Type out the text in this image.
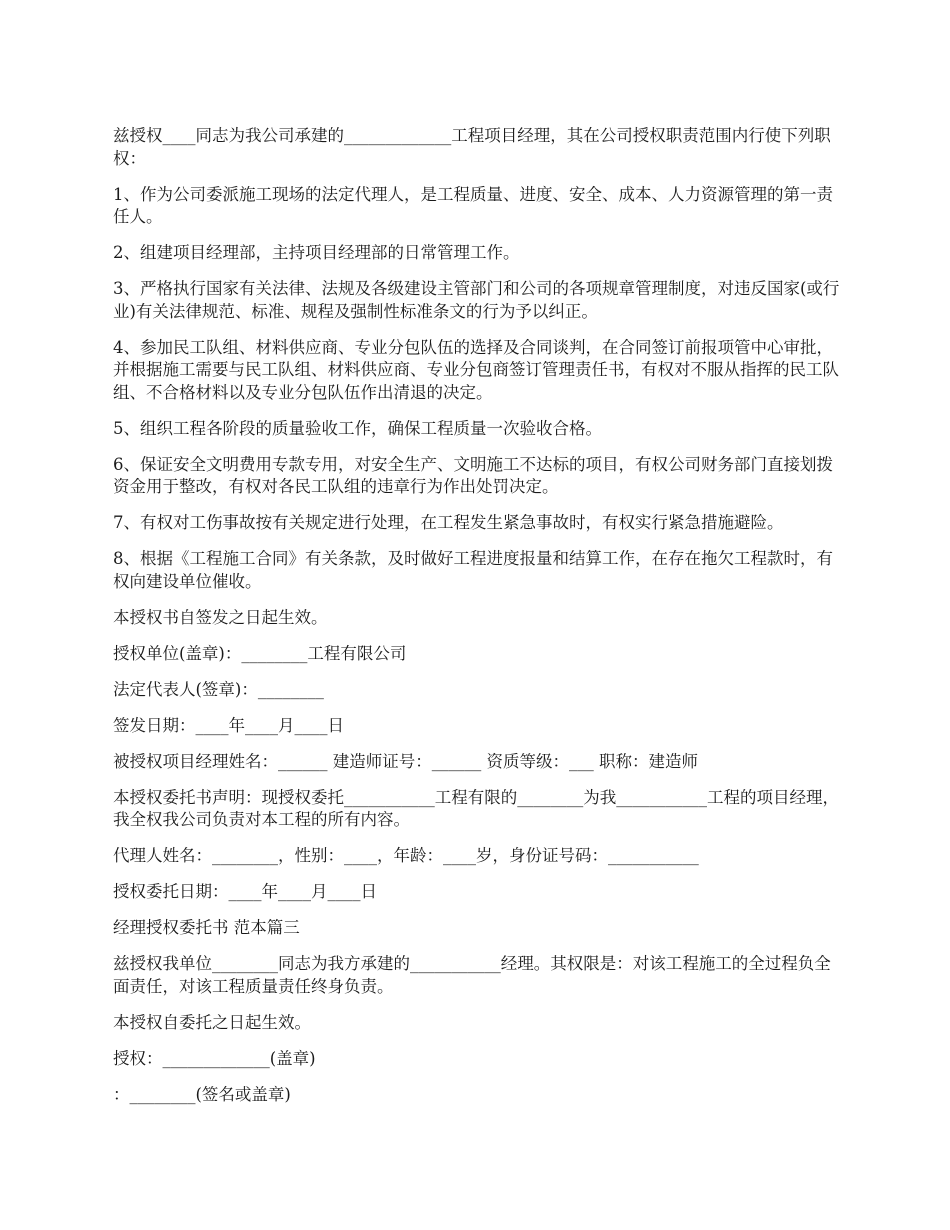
兹授权____同志为我公司承建的_____________工程项目经理，其在公司授权职责范围内行使下列职权：

1、作为公司委派施工现场的法定代理人，是工程质量、进度、安全、成本、人力资源管理的第一责任人。

2、组建项目经理部，主持项目经理部的日常管理工作。

3、严格执行国家有关法律、法规及各级建设主管部门和公司的各项规章管理制度，对违反国家(或行业)有关法律规范、标准、规程及强制性标准条文的行为予以纠正。

4、参加民工队组、材料供应商、专业分包队伍的选择及合同谈判，在合同签订前报项管中心审批，并根据施工需要与民工队组、材料供应商、专业分包商签订管理责任书，有权对不服从指挥的民工队组、不合格材料以及专业分包队伍作出清退的决定。

5、组织工程各阶段的质量验收工作，确保工程质量一次验收合格。

6、保证安全文明费用专款专用，对安全生产、文明施工不达标的项目，有权公司财务部门直接划拨资金用于整改，有权对各民工队组的违章行为作出处罚决定。

7、有权对工伤事故按有关规定进行处理，在工程发生紧急事故时，有权实行紧急措施避险。

8、根据《工程施工合同》有关条款，及时做好工程进度报量和结算工作，在存在拖欠工程款时，有权向建设单位催收。

本授权书自签发之日起生效。

授权单位(盖章)：________工程有限公司

法定代表人(签章)：________

签发日期：____年____月____日

被授权项目经理姓名：______ 建造师证号：______ 资质等级：___ 职称：建造师

本授权委托书声明：现授权委托___________工程有限的________为我___________工程的项目经理，我全权我公司负责对本工程的所有内容。

代理人姓名：________，性别：____，年龄：____岁，身份证号码：___________

授权委托日期：____年____月____日

经理授权委托书 范本篇三

兹授权我单位________同志为我方承建的___________经理。其权限是：对该工程施工的全过程负全面责任，对该工程质量责任终身负责。

本授权自委托之日起生效。

授权：_____________(盖章)

：________(签名或盖章)
